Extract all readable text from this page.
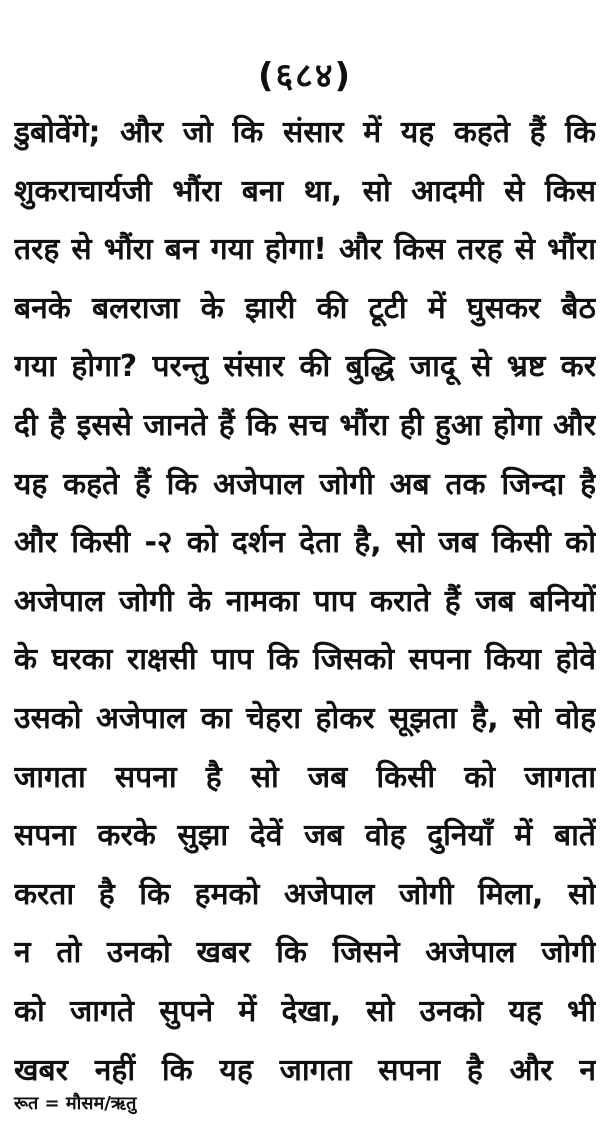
(६८४)
डुबोवेंगे; और जो कि संसार में यह कहते हैं कि
शुकराचार्यजी भौंरा बना था, सो आदमी से किस
तरह से भौंरा बन गया होगा! और किस तरह से भौंरा
बनके बलराजा के झारी की टूटी में घुसकर बैठ
गया होगा? परन्तु संसार की बुद्धि जादू से भ्रष्ट कर
दी है इससे जानते हैं कि सच भौंरा ही हुआ होगा और
यह कहते हैं कि अजेपाल जोगी अब तक जिन्दा है
और किसी -२ को दर्शन देता है, सो जब किसी को
अजेपाल जोगी के नामका पाप कराते हैं जब बनियों
के घरका राक्षसी पाप कि जिसको सपना किया होवे
उसको अजेपाल का चेहरा होकर सूझता है, सो वोह
जागता सपना है सो जब किसी को जागता
सपना करके सुझा देवें जब वोह दुनियाँ में बातें
करता है कि हमको अजेपाल जोगी मिला, सो
न तो उनको खबर कि जिसने अजेपाल जोगी
को जागते सुपने में देखा, सो उनको यह भी
खबर नहीं कि यह जागता सपना है और न
रूत = मौसम/ऋतु
